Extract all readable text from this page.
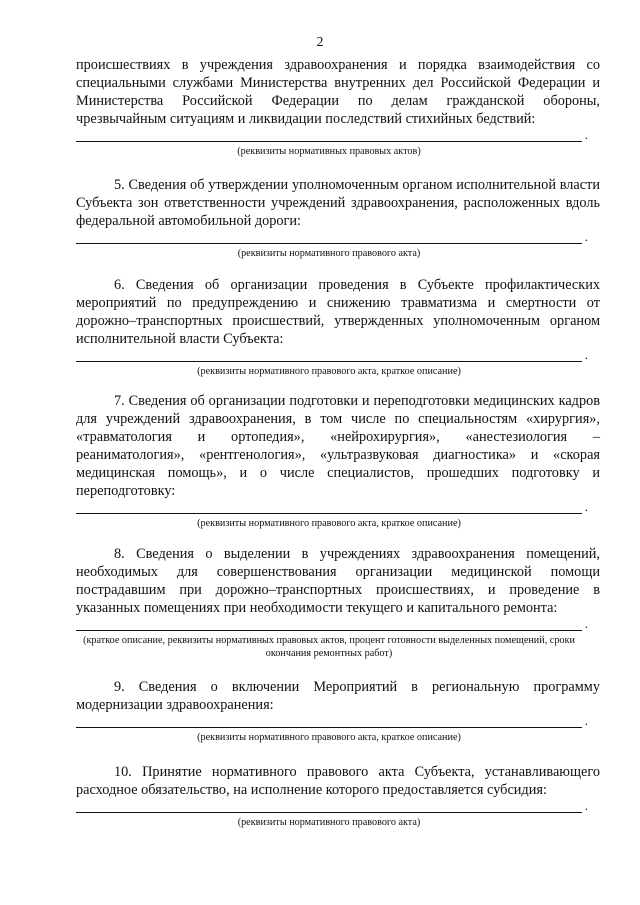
2

происшествиях в учреждения здравоохранения и порядка взаимодействия со специальными службами Министерства внутренних дел Российской Федерации и Министерства Российской Федерации по делам гражданской обороны, чрезвычайным ситуациям и ликвидации последствий стихийных бедствий:

.
(реквизиты нормативных правовых актов)

5. Сведения об утверждении уполномоченным органом исполнительной власти Субъекта зон ответственности учреждений здравоохранения, расположенных вдоль федеральной автомобильной дороги:

.
(реквизиты нормативного правового акта)

6. Сведения об организации проведения в Субъекте профилактических мероприятий по предупреждению и снижению травматизма и смертности от дорожно–транспортных происшествий, утвержденных уполномоченным органом исполнительной власти Субъекта:

.
(реквизиты нормативного правового акта, краткое описание)

7. Сведения об организации подготовки и переподготовки медицинских кадров для учреждений здравоохранения, в том числе по специальностям «хирургия», «травматология и ортопедия», «нейрохирургия», «анестезиология – реаниматология», «рентгенология», «ультразвуковая диагностика» и «скорая медицинская помощь», и о числе специалистов, прошедших подготовку и переподготовку:

.
(реквизиты нормативного правового акта, краткое описание)

8. Сведения о выделении в учреждениях здравоохранения помещений, необходимых для совершенствования организации медицинской помощи пострадавшим при дорожно–транспортных происшествиях, и проведение в указанных помещениях при необходимости текущего и капитального ремонта:

.
(краткое описание, реквизиты нормативных правовых актов, процент готовности выделенных помещений, сроки окончания ремонтных работ)

9. Сведения о включении Мероприятий в региональную программу модернизации здравоохранения:

.
(реквизиты нормативного правового акта, краткое описание)

10. Принятие нормативного правового акта Субъекта, устанавливающего расходное обязательство, на исполнение которого предоставляется субсидия:

.
(реквизиты нормативного правового акта)
